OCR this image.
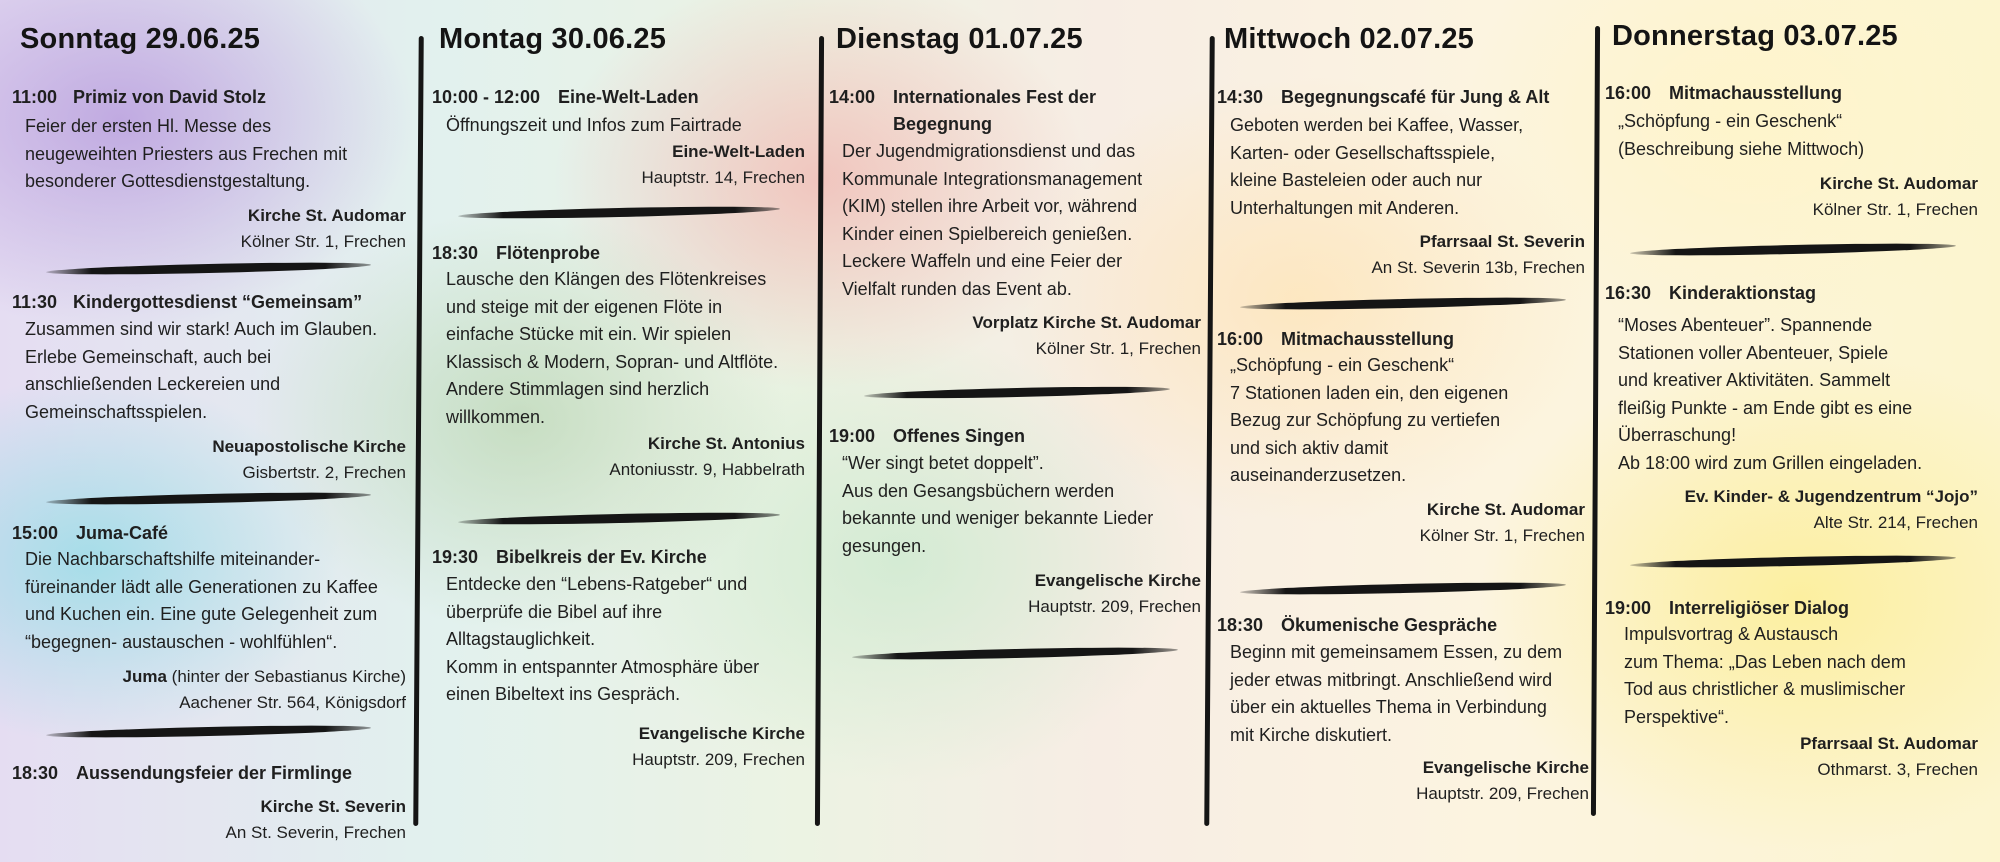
Sonntag 29.06.25
11:00 Primiz von David Stolz
Feier der ersten Hl. Messe des
neugeweihten Priesters aus Frechen mit
besonderer Gottesdienstgestaltung.
Kirche St. Audomar
Kölner Str. 1, Frechen
11:30 Kindergottesdienst “Gemeinsam”
Zusammen sind wir stark! Auch im Glauben.
Erlebe Gemeinschaft, auch bei
anschließenden Leckereien und
Gemeinschaftsspielen.
Neuapostolische Kirche
Gisbertstr. 2, Frechen
15:00 Juma-Café
Die Nachbarschaftshilfe miteinander-
füreinander lädt alle Generationen zu Kaffee
und Kuchen ein. Eine gute Gelegenheit zum
“begegnen- austauschen - wohlfühlen“.
Juma (hinter der Sebastianus Kirche)
Aachener Str. 564, Königsdorf
18:30 Aussendungsfeier der Firmlinge
Kirche St. Severin
An St. Severin, Frechen
Montag 30.06.25
10:00 - 12:00 Eine-Welt-Laden
Öffnungszeit und Infos zum Fairtrade
Eine-Welt-Laden
Hauptstr. 14, Frechen
18:30 Flötenprobe
Lausche den Klängen des Flötenkreises
und steige mit der eigenen Flöte in
einfache Stücke mit ein. Wir spielen
Klassisch & Modern, Sopran- und Altflöte.
Andere Stimmlagen sind herzlich
willkommen.
Kirche St. Antonius
Antoniusstr. 9, Habbelrath
19:30 Bibelkreis der Ev. Kirche
Entdecke den “Lebens-Ratgeber“ und
überprüfe die Bibel auf ihre
Alltagstauglichkeit.
Komm in entspannter Atmosphäre über
einen Bibeltext ins Gespräch.
Evangelische Kirche
Hauptstr. 209, Frechen
Dienstag 01.07.25
14:00 Internationales Fest der
Begegnung
Der Jugendmigrationsdienst und das
Kommunale Integrationsmanagement
(KIM) stellen ihre Arbeit vor, während
Kinder einen Spielbereich genießen.
Leckere Waffeln und eine Feier der
Vielfalt runden das Event ab.
Vorplatz Kirche St. Audomar
Kölner Str. 1, Frechen
19:00 Offenes Singen
“Wer singt betet doppelt”.
Aus den Gesangsbüchern werden
bekannte und weniger bekannte Lieder
gesungen.
Evangelische Kirche
Hauptstr. 209, Frechen
Mittwoch 02.07.25
14:30 Begegnungscafé für Jung & Alt
Geboten werden bei Kaffee, Wasser,
Karten- oder Gesellschaftsspiele,
kleine Basteleien oder auch nur
Unterhaltungen mit Anderen.
Pfarrsaal St. Severin
An St. Severin 13b, Frechen
16:00 Mitmachausstellung
„Schöpfung - ein Geschenk“
7 Stationen laden ein, den eigenen
Bezug zur Schöpfung zu vertiefen
und sich aktiv damit
auseinanderzusetzen.
Kirche St. Audomar
Kölner Str. 1, Frechen
18:30 Ökumenische Gespräche
Beginn mit gemeinsamem Essen, zu dem
jeder etwas mitbringt. Anschließend wird
über ein aktuelles Thema in Verbindung
mit Kirche diskutiert.
Evangelische Kirche
Hauptstr. 209, Frechen
Donnerstag 03.07.25
16:00 Mitmachausstellung
„Schöpfung - ein Geschenk“
(Beschreibung siehe Mittwoch)
Kirche St. Audomar
Kölner Str. 1, Frechen
16:30 Kinderaktionstag
“Moses Abenteuer”. Spannende
Stationen voller Abenteuer, Spiele
und kreativer Aktivitäten. Sammelt
fleißig Punkte - am Ende gibt es eine
Überraschung!
Ab 18:00 wird zum Grillen eingeladen.
Ev. Kinder- & Jugendzentrum “Jojo”
Alte Str. 214, Frechen
19:00 Interreligiöser Dialog
Impulsvortrag & Austausch
zum Thema: „Das Leben nach dem
Tod aus christlicher & muslimischer
Perspektive“.
Pfarrsaal St. Audomar
Othmarst. 3, Frechen
